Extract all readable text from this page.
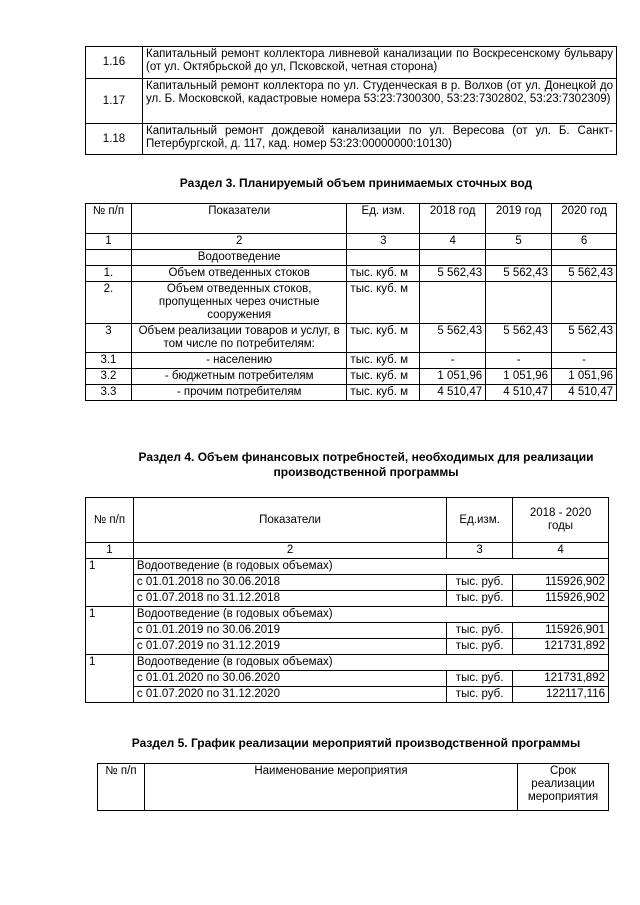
1.16	Капитальный ремонт коллектора ливневой канализации по Воскресенскому бульвару (от ул. Октябрьской до ул, Псковской, четная сторона)
1.17	Капитальный ремонт коллектора по ул. Студенческая в р. Волхов (от ул. Донецкой до ул. Б. Московской, кадастровые номера 53:23:7300300, 53:23:7302802, 53:23:7302309)
1.18	Капитальный ремонт дождевой канализации по ул. Вересова (от ул. Б. Санкт- Петербургской, д. 117, кад. номер 53:23:00000000:10130)
Раздел 3. Планируемый объем принимаемых сточных вод
№ п/п	Показатели	Ед. изм.	2018 год	2019 год	2020 год
1	2	3	4	5	6
	Водоотведение				
1.	Объем отведенных стоков	тыс. куб. м	5 562,43	5 562,43	5 562,43
2.	Объем отведенных стоков, пропущенных через очистные сооружения	тыс. куб. м			
3	Объем реализации товаров и услуг, в том числе по потребителям:	тыс. куб. м	5 562,43	5 562,43	5 562,43
3.1	- населению	тыс. куб. м	-	-	-
3.2	- бюджетным потребителям	тыс. куб. м	1 051,96	1 051,96	1 051,96
3.3	- прочим потребителям	тыс. куб. м	4 510,47	4 510,47	4 510,47
Раздел 4. Объем финансовых потребностей, необходимых для реализации
производственной программы
№ п/п	Показатели	Ед.изм.	2018 - 2020 годы
1	2	3	4
1	Водоотведение (в годовых объемах)		
	с 01.01.2018 по 30.06.2018	тыс. руб.	115926,902
	с 01.07.2018 по 31.12.2018	тыс. руб.	115926,902
1	Водоотведение (в годовых объемах)		
	с 01.01.2019 по 30.06.2019	тыс. руб.	115926,901
	с 01.07.2019 по 31.12.2019	тыс. руб.	121731,892
1	Водоотведение (в годовых объемах)		
	с 01.01.2020 по 30.06.2020	тыс. руб.	121731,892
	с 01.07.2020 по 31.12.2020	тыс. руб.	122117,116
Раздел 5. График реализации мероприятий производственной программы
№ п/п	Наименование мероприятия	Срок реализации мероприятия
